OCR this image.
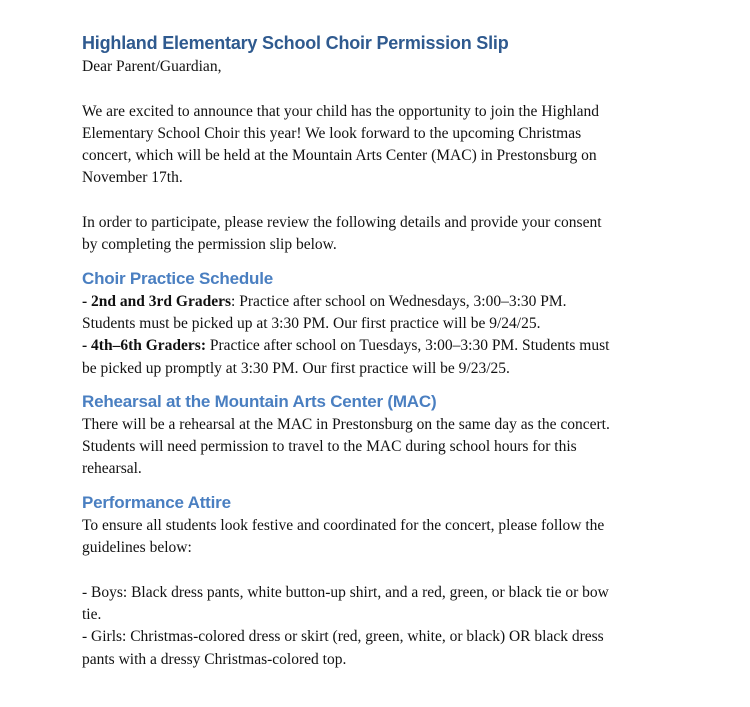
Highland Elementary School Choir Permission Slip

Dear Parent/Guardian,

We are excited to announce that your child has the opportunity to join the Highland

Elementary School Choir this year! We look forward to the upcoming Christmas

concert, which will be held at the Mountain Arts Center (MAC) in Prestonsburg on

November 17th.

In order to participate, please review the following details and provide your consent

by completing the permission slip below.

Choir Practice Schedule

- 2nd and 3rd Graders: Practice after school on Wednesdays, 3:00–3:30 PM.

Students must be picked up at 3:30 PM. Our first practice will be 9/24/25.

- 4th–6th Graders: Practice after school on Tuesdays, 3:00–3:30 PM. Students must

be picked up promptly at 3:30 PM. Our first practice will be 9/23/25.

Rehearsal at the Mountain Arts Center (MAC)

There will be a rehearsal at the MAC in Prestonsburg on the same day as the concert.

Students will need permission to travel to the MAC during school hours for this

rehearsal.

Performance Attire

To ensure all students look festive and coordinated for the concert, please follow the

guidelines below:

- Boys: Black dress pants, white button-up shirt, and a red, green, or black tie or bow

tie.

- Girls: Christmas-colored dress or skirt (red, green, white, or black) OR black dress

pants with a dressy Christmas-colored top.
